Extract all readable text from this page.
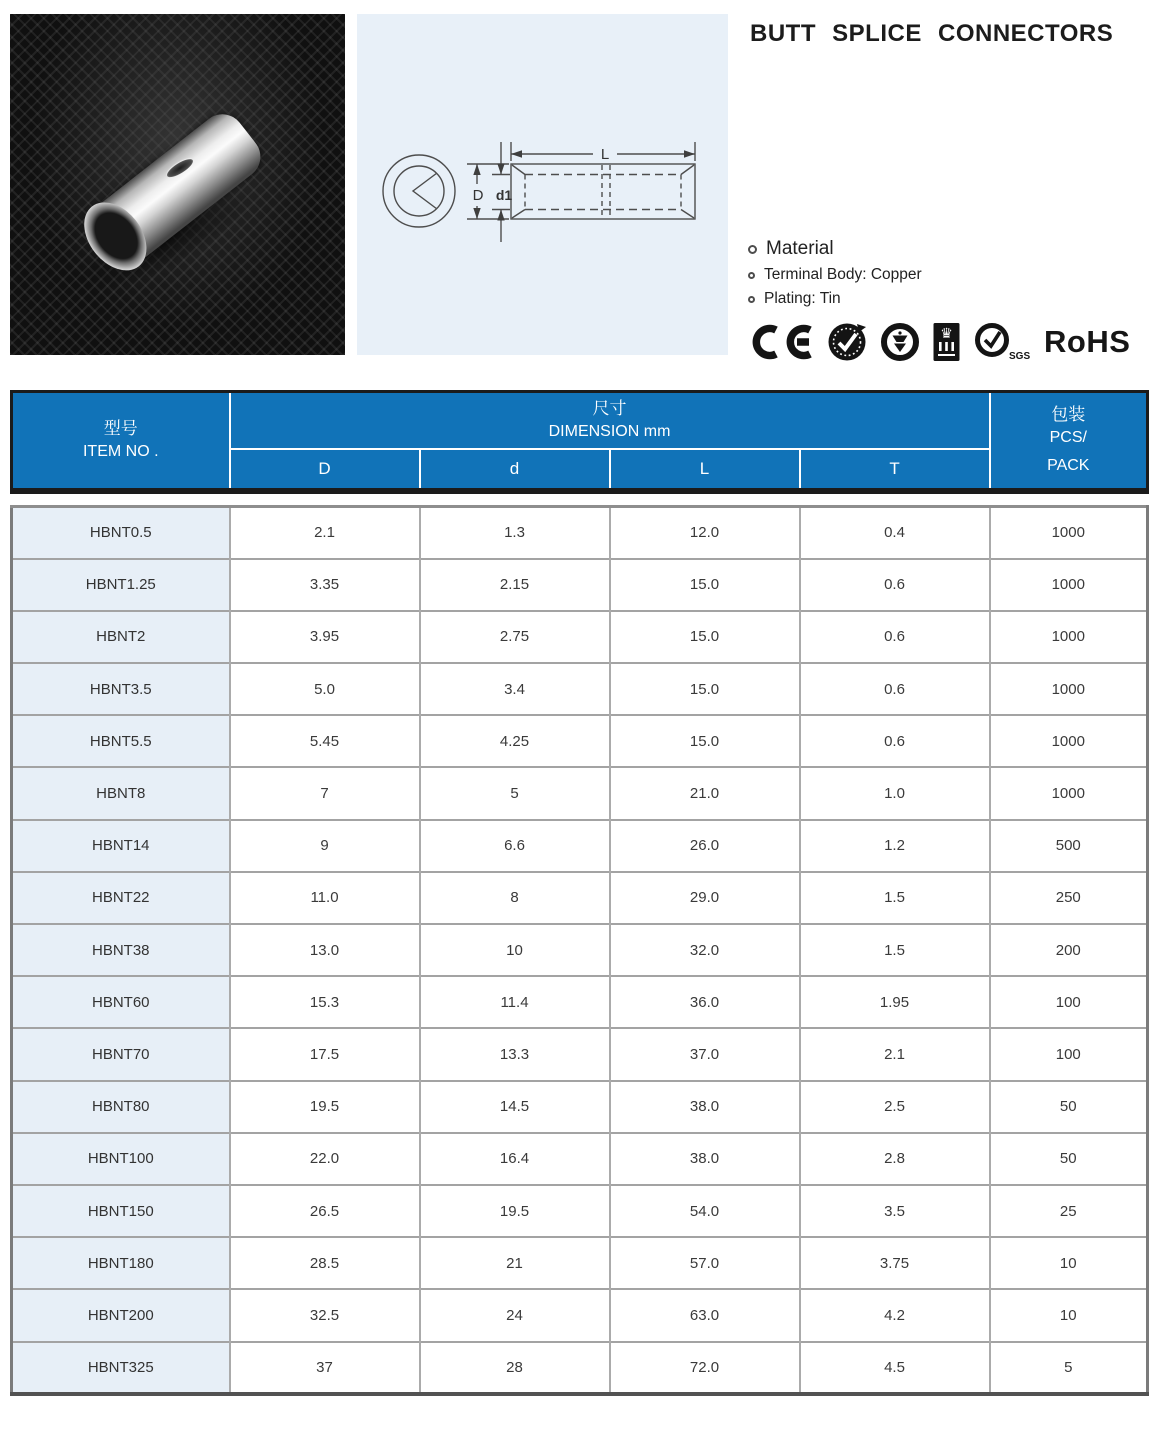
L
D d1
BUTT SPLICE CONNECTORS
Material
Terminal Body: Copper
Plating: Tin
♛
SGS RoHS
型号
ITEM NO .	尺寸
DIMENSION mm				包装
PCS/
PACK

	D	d	L	T	
HBNT0.5	2.1	1.3	12.0	0.4	1000
HBNT1.25	3.35	2.15	15.0	0.6	1000
HBNT2	3.95	2.75	15.0	0.6	1000
HBNT3.5	5.0	3.4	15.0	0.6	1000
HBNT5.5	5.45	4.25	15.0	0.6	1000
HBNT8	7	5	21.0	1.0	1000
HBNT14	9	6.6	26.0	1.2	500
HBNT22	11.0	8	29.0	1.5	250
HBNT38	13.0	10	32.0	1.5	200
HBNT60	15.3	11.4	36.0	1.95	100
HBNT70	17.5	13.3	37.0	2.1	100
HBNT80	19.5	14.5	38.0	2.5	50
HBNT100	22.0	16.4	38.0	2.8	50
HBNT150	26.5	19.5	54.0	3.5	25
HBNT180	28.5	21	57.0	3.75	10
HBNT200	32.5	24	63.0	4.2	10
HBNT325	37	28	72.0	4.5	5
